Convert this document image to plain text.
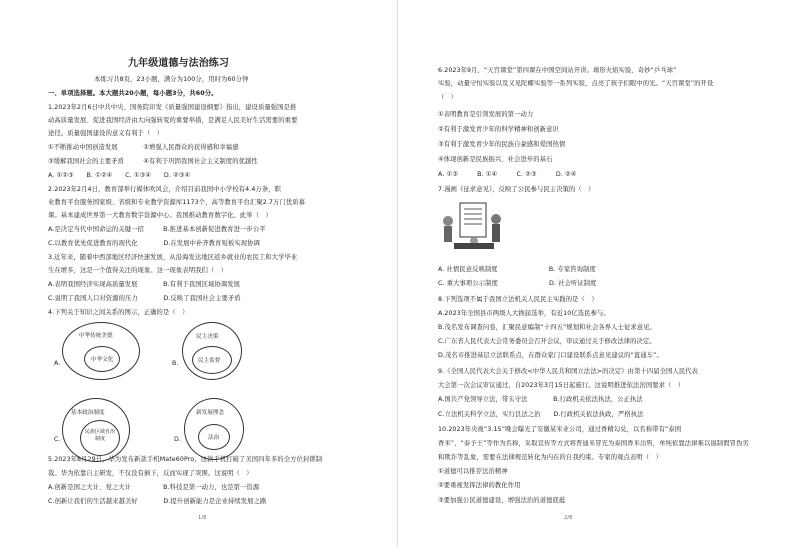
九年级道德与法治练习
本练习共8页，23小题，满分为100分，用时为60分钟
一、单项选择题。本大题共20小题，每小题3分，共60分。
1.2023年2月6日中共中央、国务院印发《质量强国建设纲要》指出，建设质量强国是推
动高质量发展、促进我国经济由大向强转变的重要举措，是满足人民美好生活需要的重要
途径。质量强国建设的意义有利于（　）
①不断推动中国创造发展　　　　②增强人民群众的获得感和幸福感
③缓解我国社会的主要矛盾　　　④有利于巩固我国社会主义制度的优越性
A. ①②③　　B. ①②④　　C. ①③④　　D. ②③④
2.2023年2月4日，教育部举行媒体吹风会，介绍目前我国中小学校有4.4万条，职
业教育平台服务国家级、省级和专业教学资源库1173个，高等教育平台汇聚2.7万门优质慕
课。基本建成世界第一大教育数字资源中心。我国推动教育数字化。此举（　）
A.是决定当代中国命运的关键一招　　　B.推进基本创新促进教育进一步公平
C.以教育优先促进教育的现代化　　　　D.在发展中补齐教育短板实现协调
3.近年来，随着中西部地区经济快速发展，从沿海发达地区返乡就业的农民工和大学毕业
生在增多，这是一个值得关注的现象。这一现象表明我们（　）
A.表明我国经济实现高质量发展　　　　B.有利于我国区域协调发展
C.说明了我国人口对资源的压力　　　　D.反映了我国社会主要矛盾
4.下列关于知识之间关系的图示，正确的是（　）
中华传统美德
中华文化
A.
民主决策
民主监督
B.
基本政治制度
民族区域自治制度
C.
新发展理念
法治
D.
5.2023年8月29日，华为发布新款手机Mate60Pro，这款手机打破了美国四年多的全方位封锁制
裁。华为依靠自主研发，不仅没有倒下，反而实现了突围。这说明（　）
A.创新是国之大计、党之大计　　　　　B.科技是第一动力，也是第一资源
C.创新让我们的生活越来越美好　　　　D.提升创新能力是企业持续发展之路
1/8
6.2023年9月，“天宫课堂”第四课在中国空间站开讲。球形火焰实验、奇妙“乒乓球”
实验，动量守恒实验以及又见陀螺实验等一系列实验，点亮了孩子们眼中的光。“天宫课堂”的开设
（　）
①表明教育是引领发展的第一动力
②有利于激发青少年的科学精神和创新意识
③有利于激发青少年的民族自豪感和爱国热情
④体现创新是民族振兴、社会进步的基石
A. ①③　　　B. ①④　　　C. ②③　　　D. ②④
7.漫画《征求意见》，反映了公民参与民主决策的（　）
A. 社情民意反映制度　　　　　　　　B. 专家咨询制度
C. 重大事项公示制度　　　　　　　　D. 社会听证制度
8.下列选项不属于我国立法机关人民民主实践的是（　）
A.2023年全国县市两级人大换届选举，有近10亿选民参与。
B.茂名发布调查问卷，汇聚民意编制“十四五”规划和社会各界人士征求意见。
C.广东省人民代表大会常务委员会召开会议，审议通过关于修改法律的决定。
D.茂名市推进基层立法联系点，在群众家门口建设联系点意见建议的“直通车”。
9.《全国人民代表大会关于修改<中华人民共和国立法法>的决定》由第十四届全国人民代表
大会第一次会议审议通过，自2023年3月15日起施行。这说明推进依法治国要求（　）
A.国共产党领导立法，带头守法　　　　B.行政机关依法执法，公正执法
C.立法机关科学立法，实行良法之治　　D.行政机关依法执政，严格执法
10.2023年央视“3.15”晚会曝光了安徽某米业公司，通过香精勾兑，以名称带有“泰国
香米”、“泰予王”等作为名称，采取宣传等方式将普通米冒充为泰国香米出售，单纯依靠法律难以遏制假冒伪劣
和欺诈等乱象，需要在法律规范转化为内在的自我约束。专家的观点表明（　）
①道德可以推荐法治精神
②要重视发挥法律的教化作用
③要加强公民道德建设，增强法治的道德底蕴
2/8
